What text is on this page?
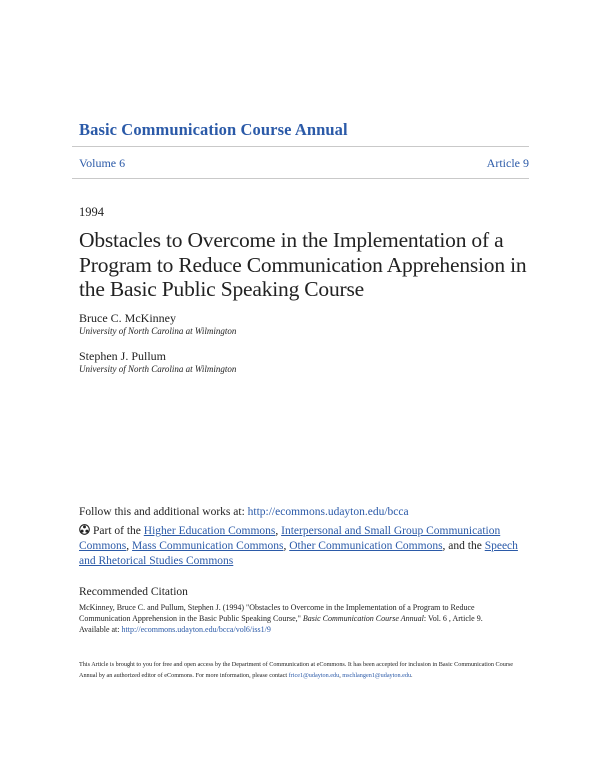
Basic Communication Course Annual
Volume 6	Article 9
1994
Obstacles to Overcome in the Implementation of a Program to Reduce Communication Apprehension in the Basic Public Speaking Course
Bruce C. McKinney
University of North Carolina at Wilmington
Stephen J. Pullum
University of North Carolina at Wilmington
Follow this and additional works at: http://ecommons.udayton.edu/bcca
Part of the Higher Education Commons, Interpersonal and Small Group Communication Commons, Mass Communication Commons, Other Communication Commons, and the Speech and Rhetorical Studies Commons
Recommended Citation
McKinney, Bruce C. and Pullum, Stephen J. (1994) "Obstacles to Overcome in the Implementation of a Program to Reduce Communication Apprehension in the Basic Public Speaking Course," Basic Communication Course Annual: Vol. 6 , Article 9.
Available at: http://ecommons.udayton.edu/bcca/vol6/iss1/9
This Article is brought to you for free and open access by the Department of Communication at eCommons. It has been accepted for inclusion in Basic Communication Course Annual by an authorized editor of eCommons. For more information, please contact frice1@udayton.edu, mschlangen1@udayton.edu.
